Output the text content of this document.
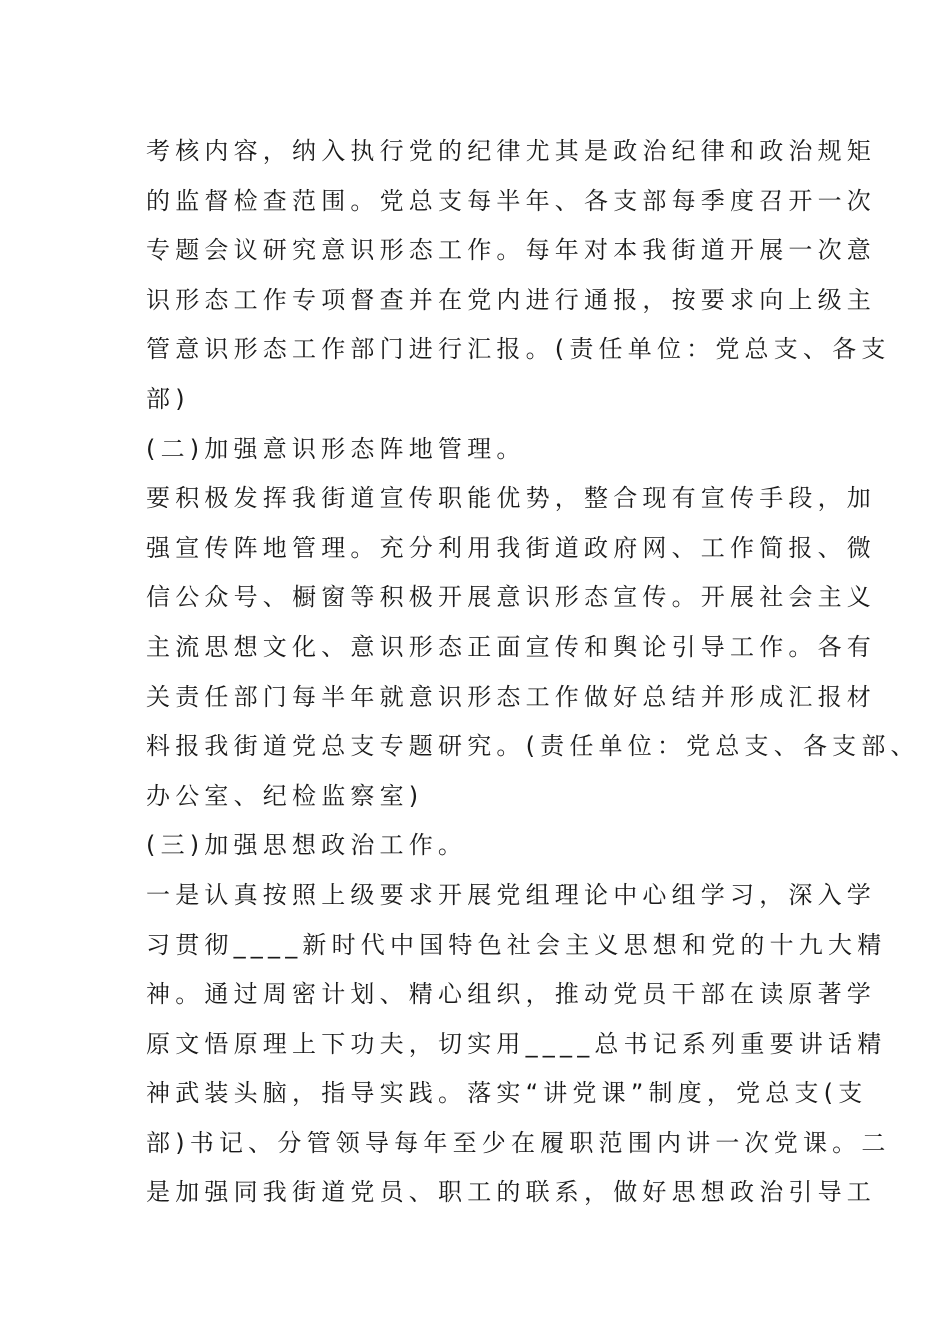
考核内容，纳入执行党的纪律尤其是政治纪律和政治规矩
的监督检查范围。党总支每半年、各支部每季度召开一次
专题会议研究意识形态工作。每年对本我街道开展一次意
识形态工作专项督查并在党内进行通报，按要求向上级主
管意识形态工作部门进行汇报。(责任单位：党总支、各支
部)
(二)加强意识形态阵地管理。
要积极发挥我街道宣传职能优势，整合现有宣传手段，加
强宣传阵地管理。充分利用我街道政府网、工作简报、微
信公众号、橱窗等积极开展意识形态宣传。开展社会主义
主流思想文化、意识形态正面宣传和舆论引导工作。各有
关责任部门每半年就意识形态工作做好总结并形成汇报材
料报我街道党总支专题研究。(责任单位：党总支、各支部、
办公室、纪检监察室)
(三)加强思想政治工作。
一是认真按照上级要求开展党组理论中心组学习，深入学
习贯彻____新时代中国特色社会主义思想和党的十九大精
神。通过周密计划、精心组织，推动党员干部在读原著学
原文悟原理上下功夫，切实用____总书记系列重要讲话精
神武装头脑，指导实践。落实“讲党课”制度，党总支(支
部)书记、分管领导每年至少在履职范围内讲一次党课。二
是加强同我街道党员、职工的联系，做好思想政治引导工
